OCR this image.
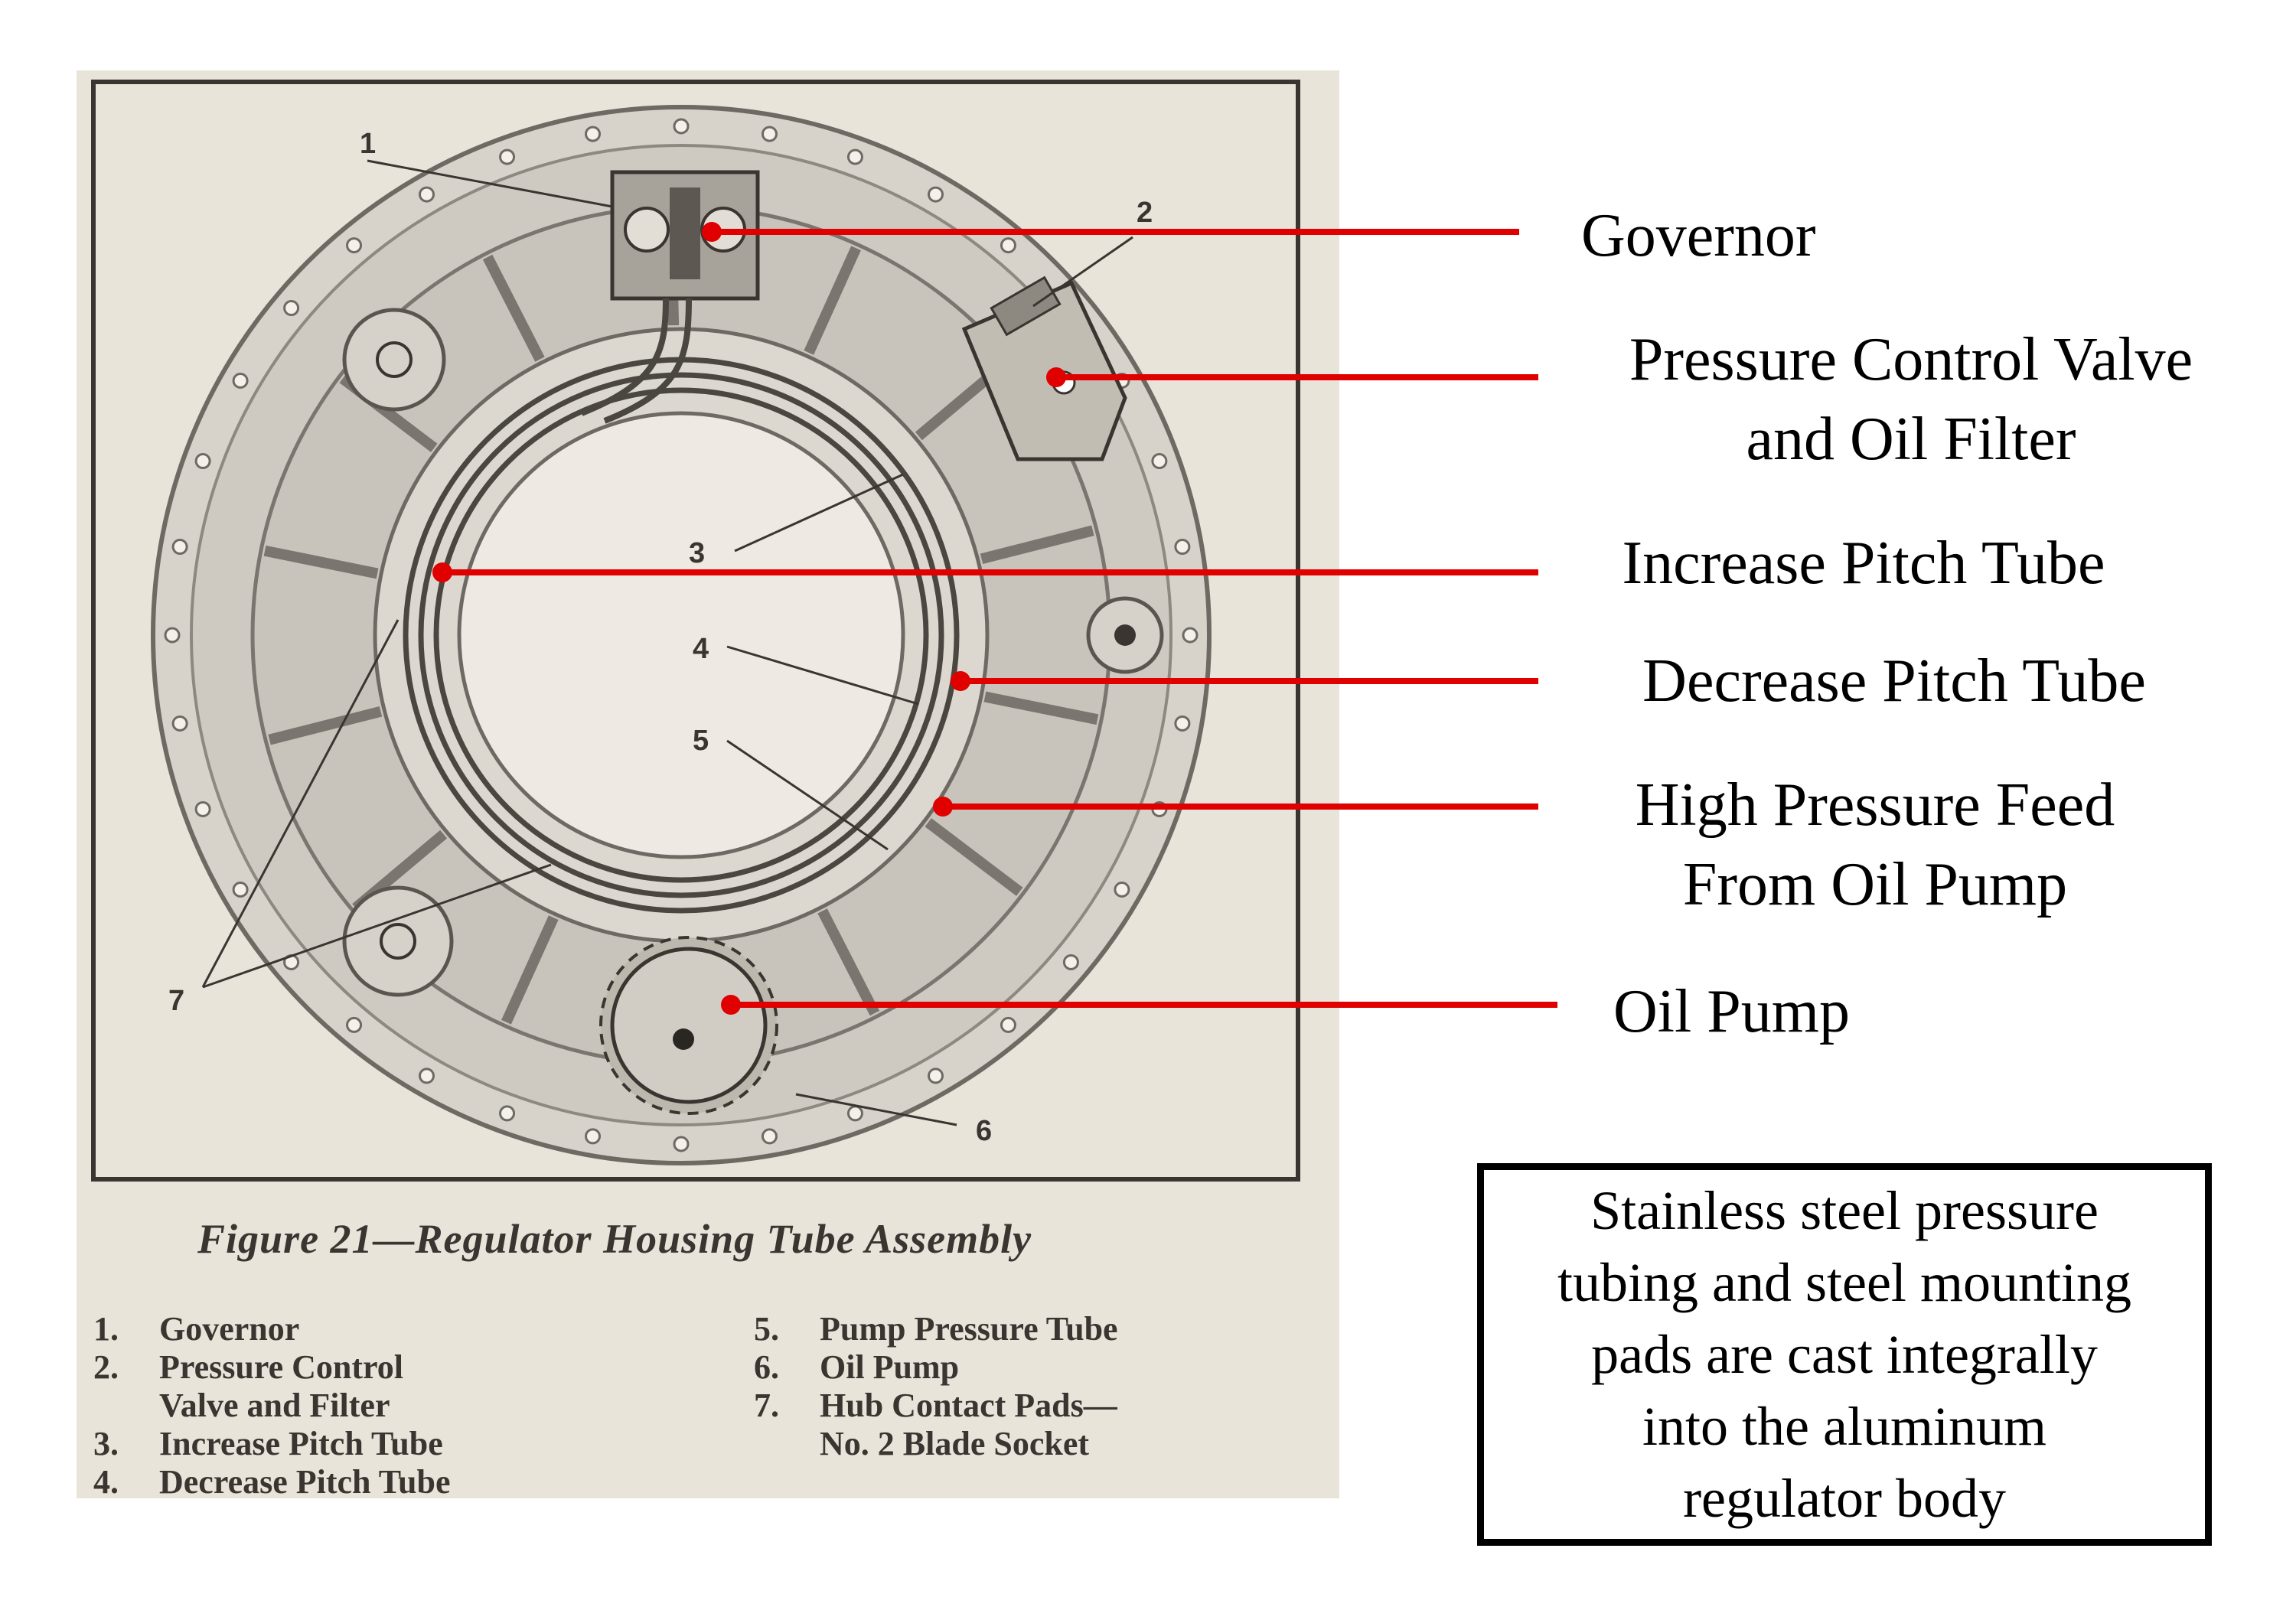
1
2
3
4
5
6
7
Governor
Pressure Control Valve
and Oil Filter
Increase Pitch Tube
Decrease Pitch Tube
High Pressure Feed
From Oil Pump
Oil Pump
Stainless steel pressure
tubing and steel mounting
pads are cast integrally
into the aluminum
regulator body
Figure 21—Regulator Housing Tube Assembly
1.	Governor
2.	Pressure Control
Valve and Filter
3.	Increase Pitch Tube
4.	Decrease Pitch Tube
5.	Pump Pressure Tube
6.	Oil Pump
7.	Hub Contact Pads—
No. 2 Blade Socket
